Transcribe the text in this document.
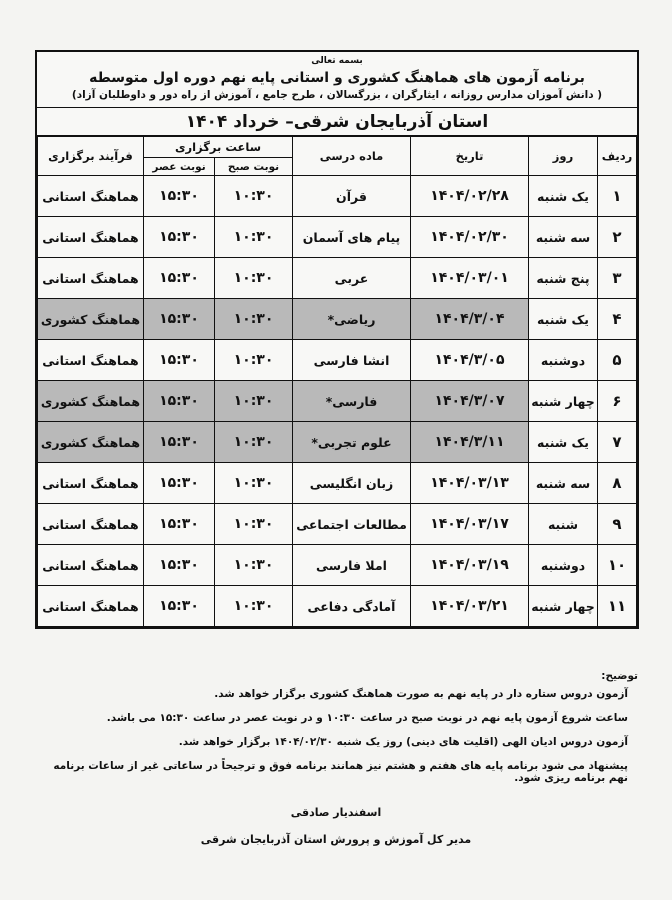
بسمه تعالی
برنامه آزمون های هماهنگ کشوری و استانی پایه نهم دوره اول متوسطه
( دانش آموزان مدارس روزانه ، ایثارگران ، بزرگسالان ، طرح جامع ، آموزش از راه دور و داوطلبان آزاد)
استان آذربایجان شرقی– خرداد ۱۴۰۴
ردیف	روز	تاریخ	ماده درسی	ساعت برگزاری		فرآیند برگزاری
				نوبت صبح	نوبت عصر	
۱	یک شنبه	۱۴۰۴/۰۲/۲۸	قرآن	۱۰:۳۰	۱۵:۳۰	هماهنگ استانی
۲	سه شنبه	۱۴۰۴/۰۲/۳۰	پیام های آسمان	۱۰:۳۰	۱۵:۳۰	هماهنگ استانی
۳	پنج شنبه	۱۴۰۴/۰۳/۰۱	عربی	۱۰:۳۰	۱۵:۳۰	هماهنگ استانی
۴	یک شنبه	۱۴۰۴/۳/۰۴	ریاضی*	۱۰:۳۰	۱۵:۳۰	هماهنگ کشوری
۵	دوشنبه	۱۴۰۴/۳/۰۵	انشا فارسی	۱۰:۳۰	۱۵:۳۰	هماهنگ استانی
۶	چهار شنبه	۱۴۰۴/۳/۰۷	فارسی*	۱۰:۳۰	۱۵:۳۰	هماهنگ کشوری
۷	یک شنبه	۱۴۰۴/۳/۱۱	علوم تجربی*	۱۰:۳۰	۱۵:۳۰	هماهنگ کشوری
۸	سه شنبه	۱۴۰۴/۰۳/۱۳	زبان انگلیسی	۱۰:۳۰	۱۵:۳۰	هماهنگ استانی
۹	شنبه	۱۴۰۴/۰۳/۱۷	مطالعات اجتماعی	۱۰:۳۰	۱۵:۳۰	هماهنگ استانی
۱۰	دوشنبه	۱۴۰۴/۰۳/۱۹	املا فارسی	۱۰:۳۰	۱۵:۳۰	هماهنگ استانی
۱۱	چهار شنبه	۱۴۰۴/۰۳/۲۱	آمادگی دفاعی	۱۰:۳۰	۱۵:۳۰	هماهنگ استانی
توضیح:
آزمون دروس ستاره دار در پایه نهم به صورت هماهنگ کشوری برگزار خواهد شد.
ساعت شروع آزمون پایه نهم در نوبت صبح در ساعت ۱۰:۳۰ و در نوبت عصر در ساعت ۱۵:۳۰ می باشد.
آزمون دروس ادیان الهی (اقلیت های دینی) روز یک شنبه ۱۴۰۴/۰۲/۳۰ برگزار خواهد شد.
پیشنهاد می شود برنامه پایه های هفتم و هشتم نیز همانند برنامه فوق و ترجیحاً در ساعاتی غیر از ساعات برنامه نهم برنامه ریزی شود.
اسفندیار صادقی
مدیر کل آموزش و پرورش استان آذربایجان شرقی
